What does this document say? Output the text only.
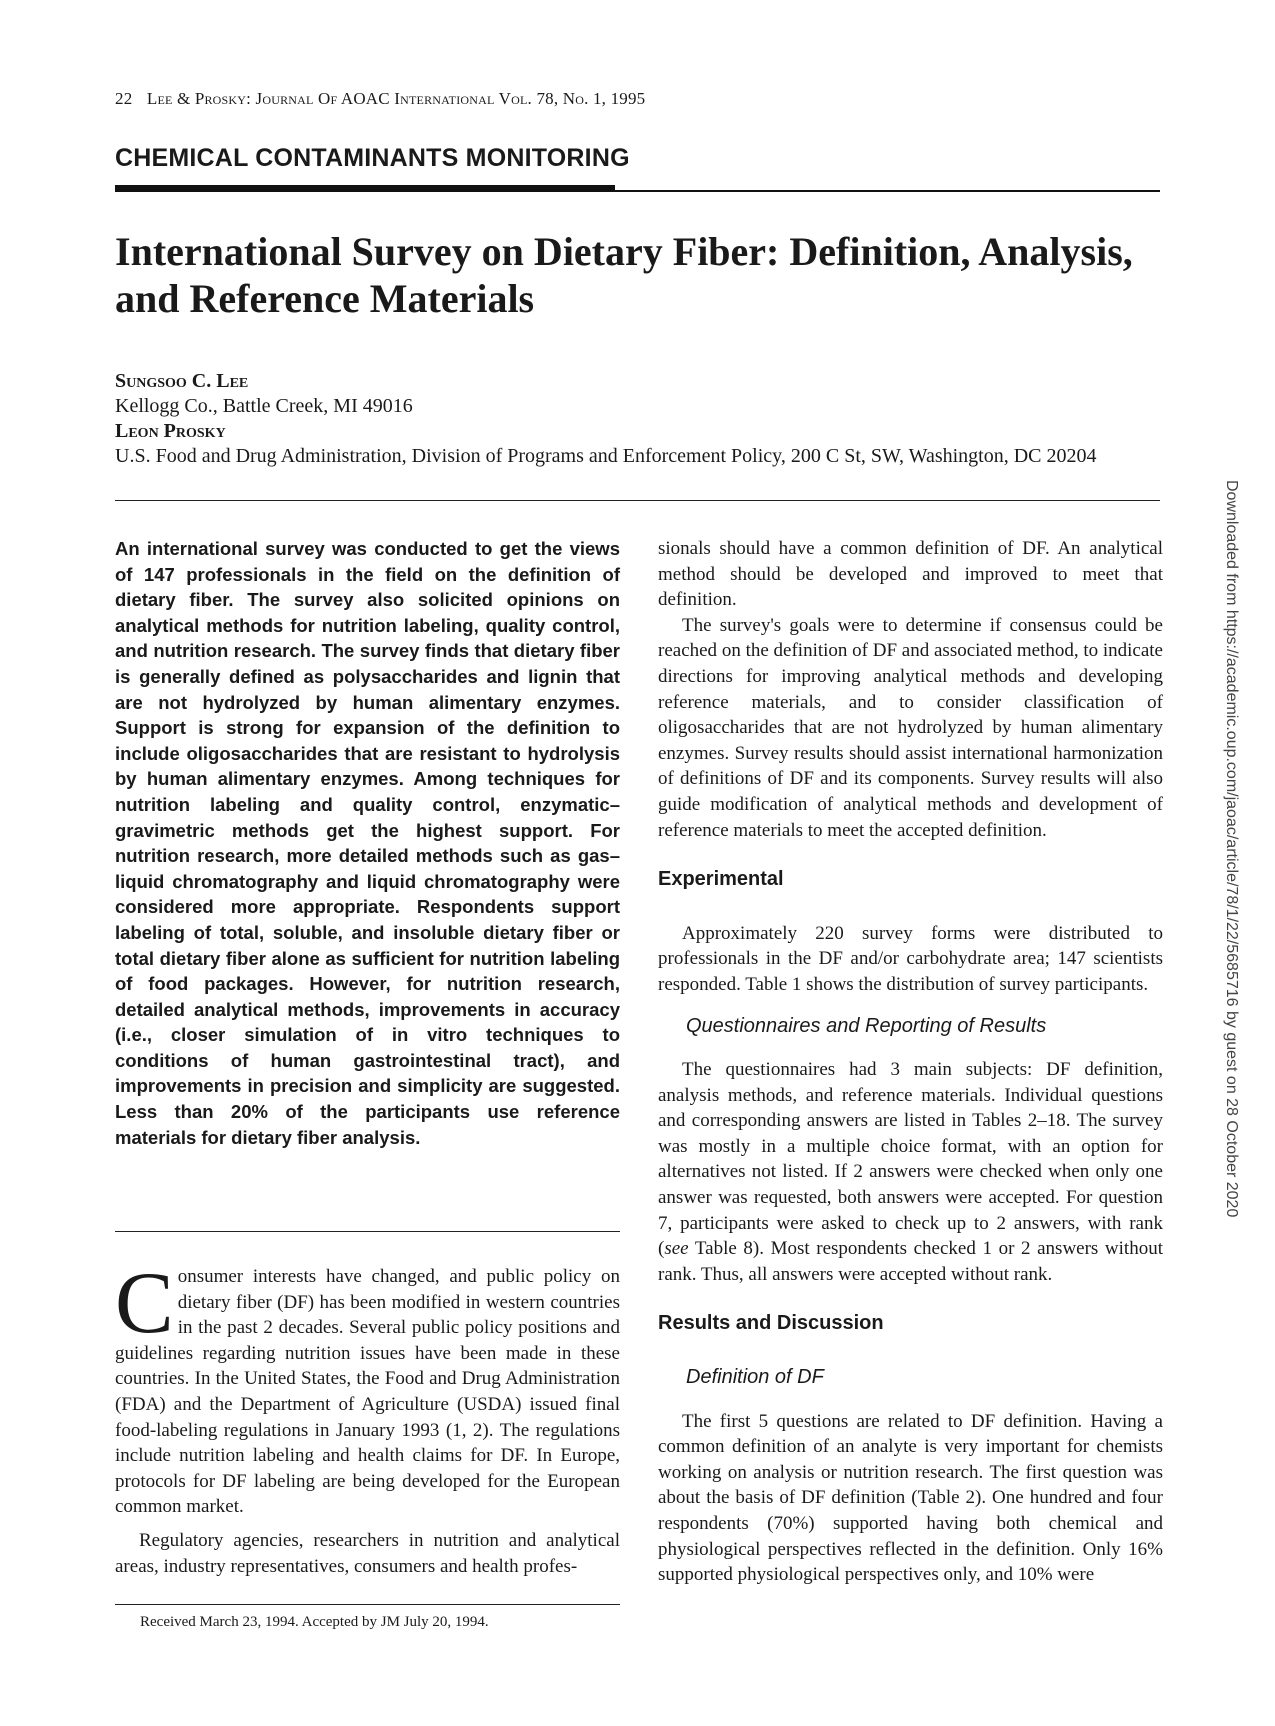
22 Lee & Prosky: Journal Of AOAC International Vol. 78, No. 1, 1995
CHEMICAL CONTAMINANTS MONITORING
International Survey on Dietary Fiber: Definition, Analysis, and Reference Materials
Sungsoo C. Lee
Kellogg Co., Battle Creek, MI 49016
Leon Prosky
U.S. Food and Drug Administration, Division of Programs and Enforcement Policy, 200 C St, SW, Washington, DC 20204

An international survey was conducted to get the views of 147 professionals in the field on the definition of dietary fiber. The survey also solicited opinions on analytical methods for nutrition labeling, quality control, and nutrition research. The survey finds that dietary fiber is generally defined as polysaccharides and lignin that are not hydrolyzed by human alimentary enzymes. Support is strong for expansion of the definition to include oligosaccharides that are resistant to hydrolysis by human alimentary enzymes. Among techniques for nutrition labeling and quality control, enzymatic–gravimetric methods get the highest support. For nutrition research, more detailed methods such as gas–liquid chromatography and liquid chromatography were considered more appropriate. Respondents support labeling of total, soluble, and insoluble dietary fiber or total dietary fiber alone as sufficient for nutrition labeling of food packages. However, for nutrition research, detailed analytical methods, improvements in accuracy (i.e., closer simulation of in vitro techniques to conditions of human gastrointestinal tract), and improvements in precision and simplicity are suggested. Less than 20% of the participants use reference materials for dietary fiber analysis.

Consumer interests have changed, and public policy on dietary fiber (DF) has been modified in western countries in the past 2 decades. Several public policy positions and guidelines regarding nutrition issues have been made in these countries. In the United States, the Food and Drug Administration (FDA) and the Department of Agriculture (USDA) issued final food-labeling regulations in January 1993 (1, 2). The regulations include nutrition labeling and health claims for DF. In Europe, protocols for DF labeling are being developed for the European common market.

Regulatory agencies, researchers in nutrition and analytical areas, industry representatives, consumers and health profes-

Received March 23, 1994. Accepted by JM July 20, 1994.

sionals should have a common definition of DF. An analytical method should be developed and improved to meet that definition.

The survey's goals were to determine if consensus could be reached on the definition of DF and associated method, to indicate directions for improving analytical methods and developing reference materials, and to consider classification of oligosaccharides that are not hydrolyzed by human alimentary enzymes. Survey results should assist international harmonization of definitions of DF and its components. Survey results will also guide modification of analytical methods and development of reference materials to meet the accepted definition.

Experimental

Approximately 220 survey forms were distributed to professionals in the DF and/or carbohydrate area; 147 scientists responded. Table 1 shows the distribution of survey participants.

Questionnaires and Reporting of Results

The questionnaires had 3 main subjects: DF definition, analysis methods, and reference materials. Individual questions and corresponding answers are listed in Tables 2–18. The survey was mostly in a multiple choice format, with an option for alternatives not listed. If 2 answers were checked when only one answer was requested, both answers were accepted. For question 7, participants were asked to check up to 2 answers, with rank (see Table 8). Most respondents checked 1 or 2 answers without rank. Thus, all answers were accepted without rank.

Results and Discussion
Definition of DF

The first 5 questions are related to DF definition. Having a common definition of an analyte is very important for chemists working on analysis or nutrition research. The first question was about the basis of DF definition (Table 2). One hundred and four respondents (70%) supported having both chemical and physiological perspectives reflected in the definition. Only 16% supported physiological perspectives only, and 10% were

Downloaded from https://academic.oup.com/jaoac/article/78/1/22/5685716 by guest on 28 October 2020
